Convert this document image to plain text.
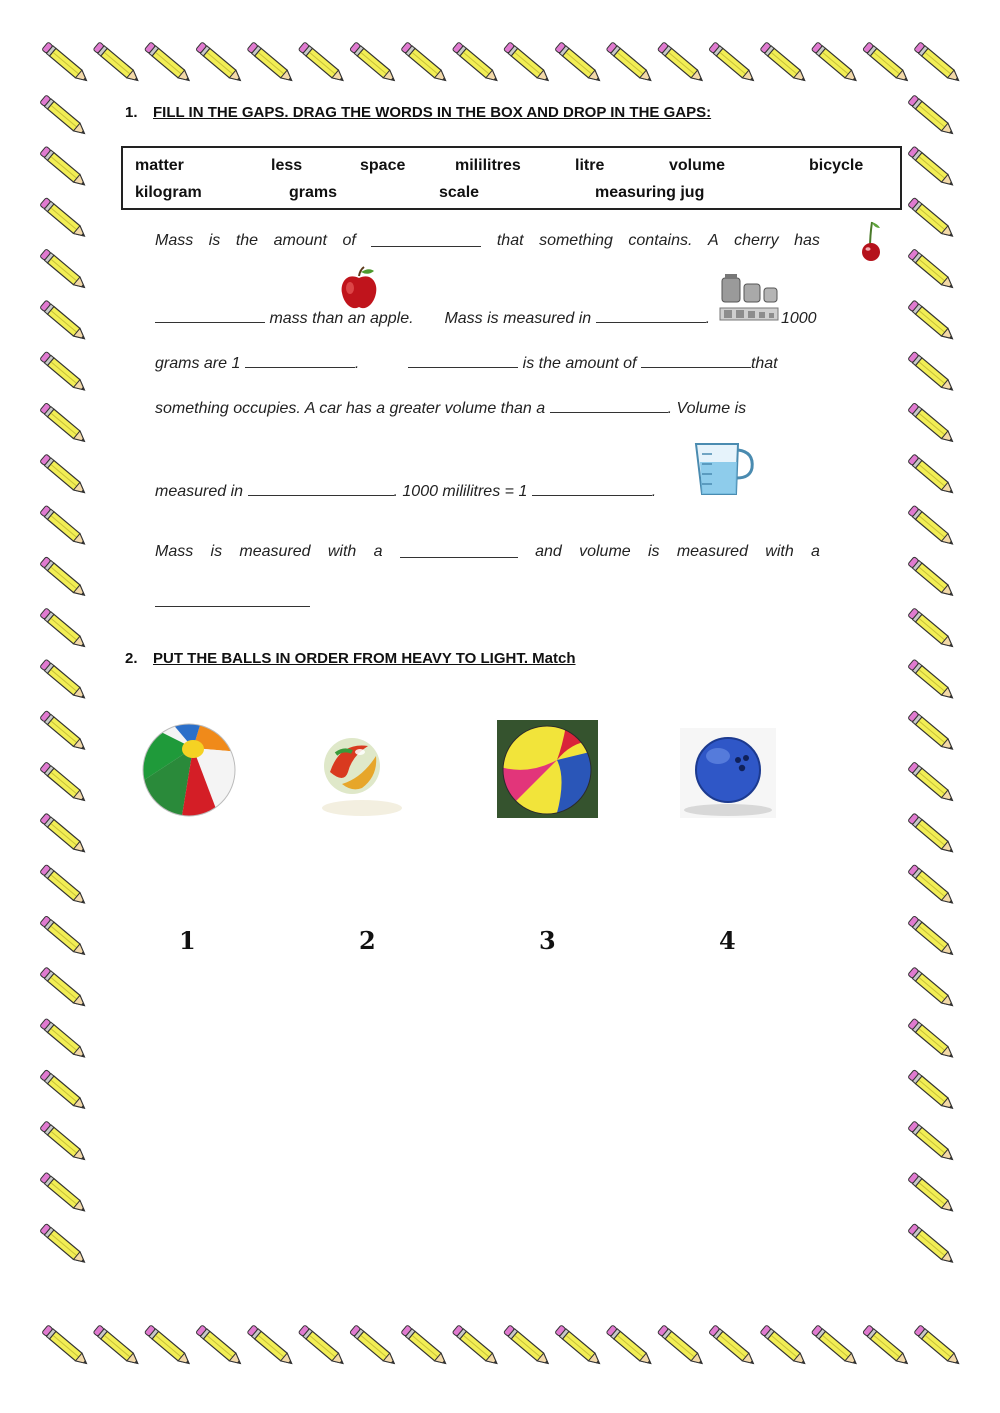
1. FILL IN THE GAPS. DRAG THE WORDS IN THE BOX AND DROP IN THE GAPS:
matter	less	space	mililitres	litre	volume	bicycle
kilogram	grams	scale	measuring jug
Mass is the amount of	that something contains. A cherry has
mass than an apple. Mass is measured in	.	1000
grams are 1	.	is the amount of	that
something occupies. A car has a greater volume than a	. Volume is
measured in	. 1000 mililitres = 1	.
Mass is measured with a	and volume is measured with a
2. PUT THE BALLS IN ORDER FROM HEAVY TO LIGHT. Match
1	2	3	4
